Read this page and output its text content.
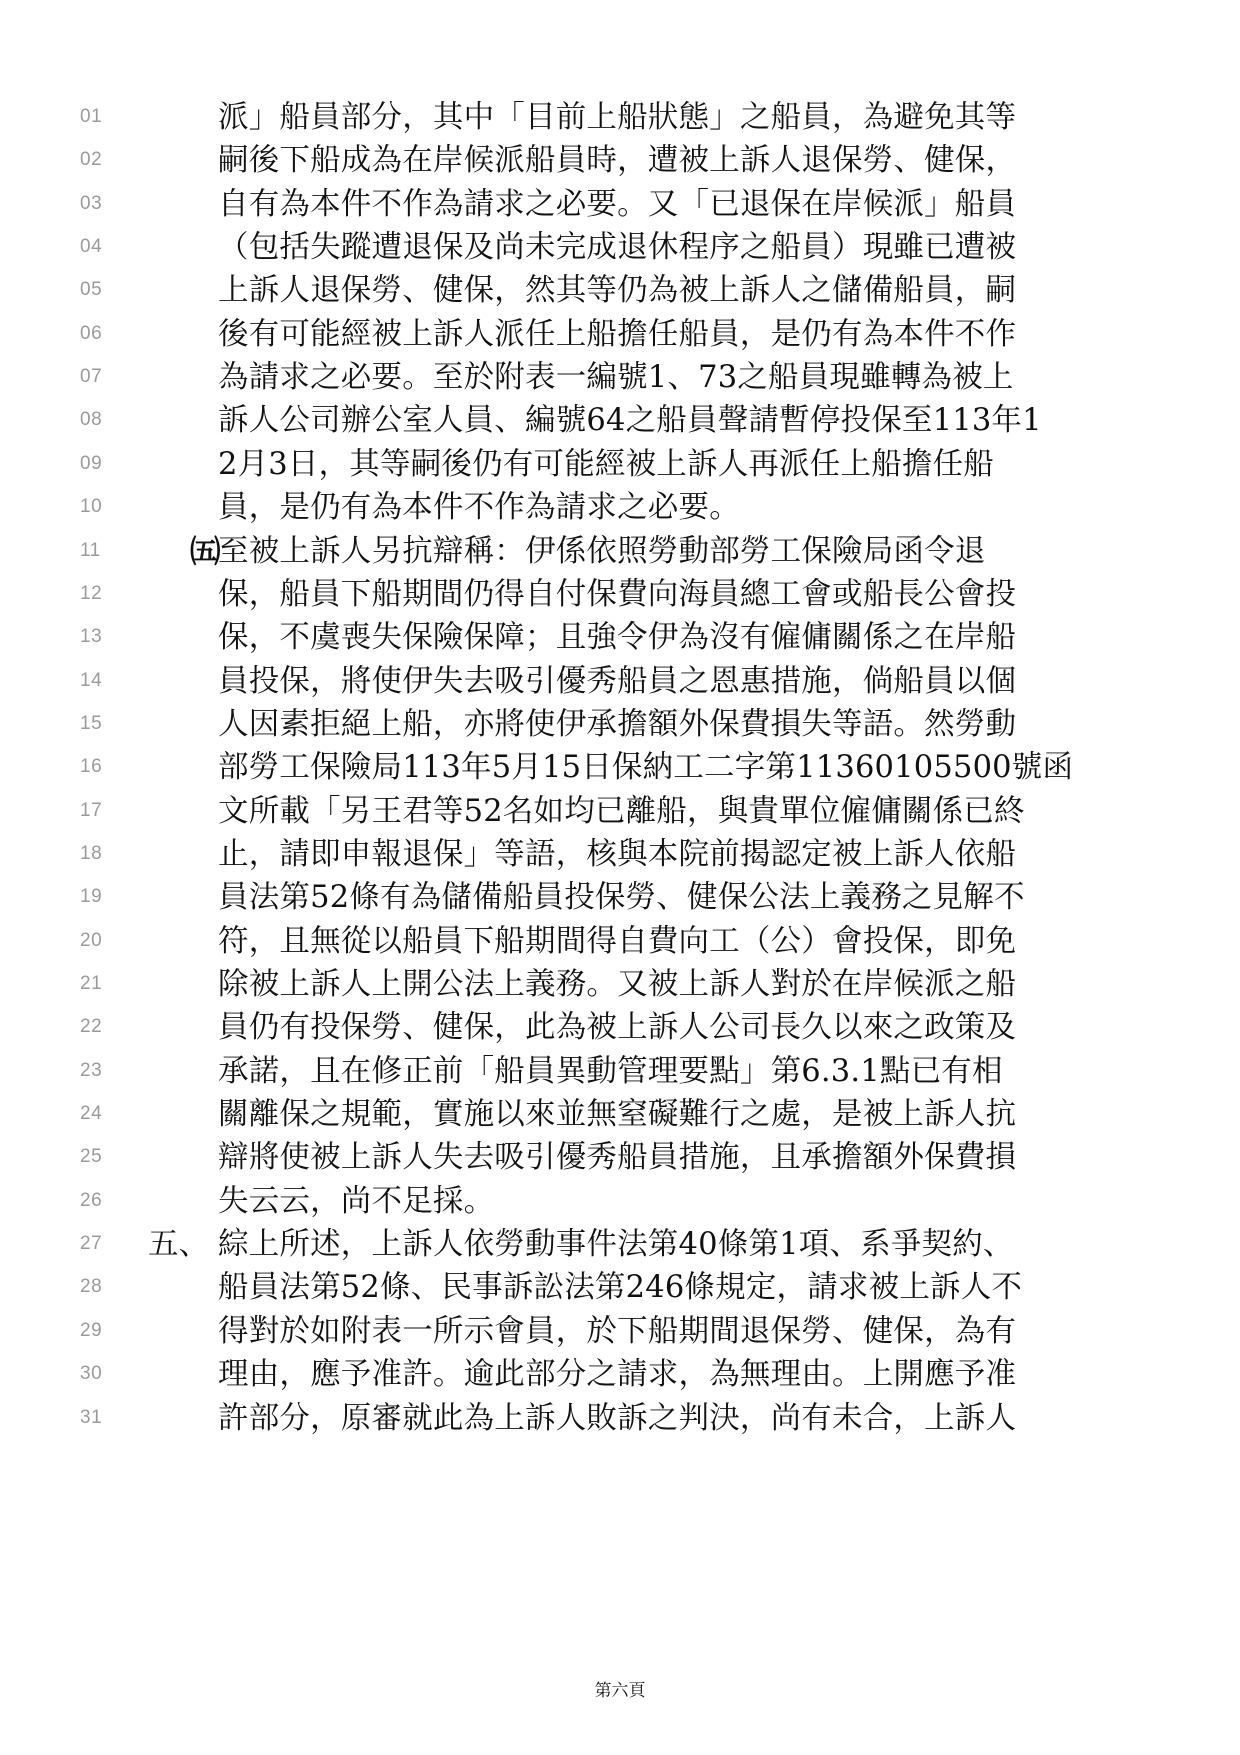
01	派」船員部分，其中「目前上船狀態」之船員，為避免其等
02	嗣後下船成為在岸候派船員時，遭被上訴人退保勞、健保，
03	自有為本件不作為請求之必要。又「已退保在岸候派」船員
04	（包括失蹤遭退保及尚未完成退休程序之船員）現雖已遭被
05	上訴人退保勞、健保，然其等仍為被上訴人之儲備船員，嗣
06	後有可能經被上訴人派任上船擔任船員，是仍有為本件不作
07	為請求之必要。至於附表一編號1、73之船員現雖轉為被上
08	訴人公司辦公室人員、編號64之船員聲請暫停投保至113年1
09	2月3日，其等嗣後仍有可能經被上訴人再派任上船擔任船
10	員，是仍有為本件不作為請求之必要。
11	㈤
至被上訴人另抗辯稱：伊係依照勞動部勞工保險局函令退
12	保，船員下船期間仍得自付保費向海員總工會或船長公會投
13	保，不虞喪失保險保障；且強令伊為沒有僱傭關係之在岸船
14	員投保，將使伊失去吸引優秀船員之恩惠措施，倘船員以個
15	人因素拒絕上船，亦將使伊承擔額外保費損失等語。然勞動
16	部勞工保險局113年5月15日保納工二字第11360105500號函
17	文所載「另王君等52名如均已離船，與貴單位僱傭關係已終
18	止，請即申報退保」等語，核與本院前揭認定被上訴人依船
19	員法第52條有為儲備船員投保勞、健保公法上義務之見解不
20	符，且無從以船員下船期間得自費向工（公）會投保，即免
21	除被上訴人上開公法上義務。又被上訴人對於在岸候派之船
22	員仍有投保勞、健保，此為被上訴人公司長久以來之政策及
23	承諾，且在修正前「船員異動管理要點」第6.3.1點已有相
24	關離保之規範，實施以來並無窒礙難行之處，是被上訴人抗
25	辯將使被上訴人失去吸引優秀船員措施，且承擔額外保費損
26	失云云，尚不足採。
27	五、 綜上所述，上訴人依勞動事件法第40條第1項、系爭契約、
28	船員法第52條、民事訴訟法第246條規定，請求被上訴人不
29	得對於如附表一所示會員，於下船期間退保勞、健保，為有
30	理由，應予准許。逾此部分之請求，為無理由。上開應予准
31	許部分，原審就此為上訴人敗訴之判決，尚有未合，上訴人
第六頁
